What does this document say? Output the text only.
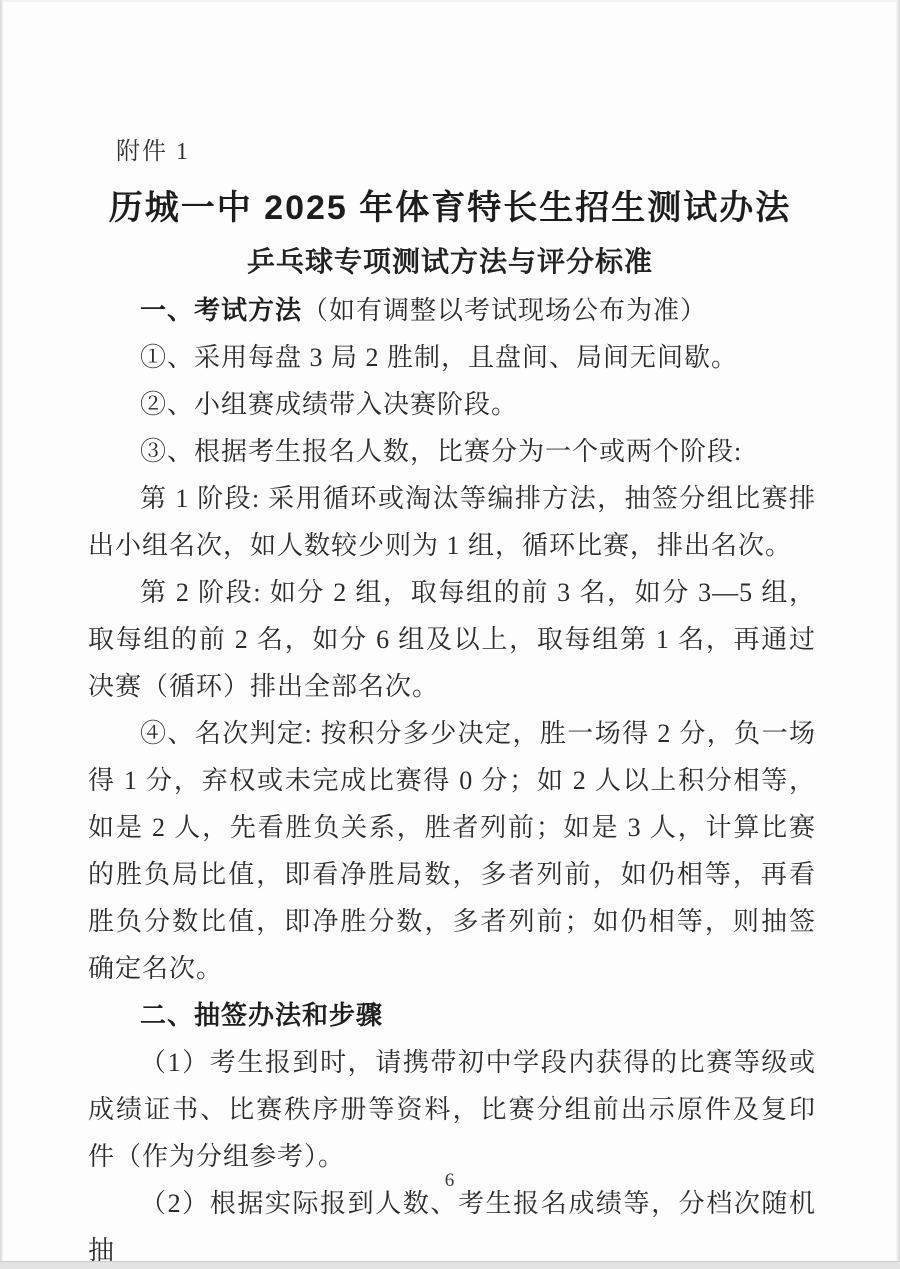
附件 1
历城一中 2025 年体育特长生招生测试办法
乒乓球专项测试方法与评分标准

一、考试方法（如有调整以考试现场公布为准）

①、采用每盘 3 局 2 胜制，且盘间、局间无间歇。

②、小组赛成绩带入决赛阶段。

③、根据考生报名人数，比赛分为一个或两个阶段:

第 1 阶段: 采用循环或淘汰等编排方法，抽签分组比赛排出小组名次，如人数较少则为 1 组，循环比赛，排出名次。

第 2 阶段: 如分 2 组，取每组的前 3 名，如分 3—5 组，取每组的前 2 名，如分 6 组及以上，取每组第 1 名，再通过决赛（循环）排出全部名次。

④、名次判定: 按积分多少决定，胜一场得 2 分，负一场得 1 分，弃权或未完成比赛得 0 分；如 2 人以上积分相等，如是 2 人，先看胜负关系，胜者列前；如是 3 人，计算比赛的胜负局比值，即看净胜局数，多者列前，如仍相等，再看胜负分数比值，即净胜分数，多者列前；如仍相等，则抽签确定名次。

二、抽签办法和步骤

（1）考生报到时，请携带初中学段内获得的比赛等级或成绩证书、比赛秩序册等资料，比赛分组前出示原件及复印件（作为分组参考）。

（2）根据实际报到人数、考生报名成绩等，分档次随机抽

6
